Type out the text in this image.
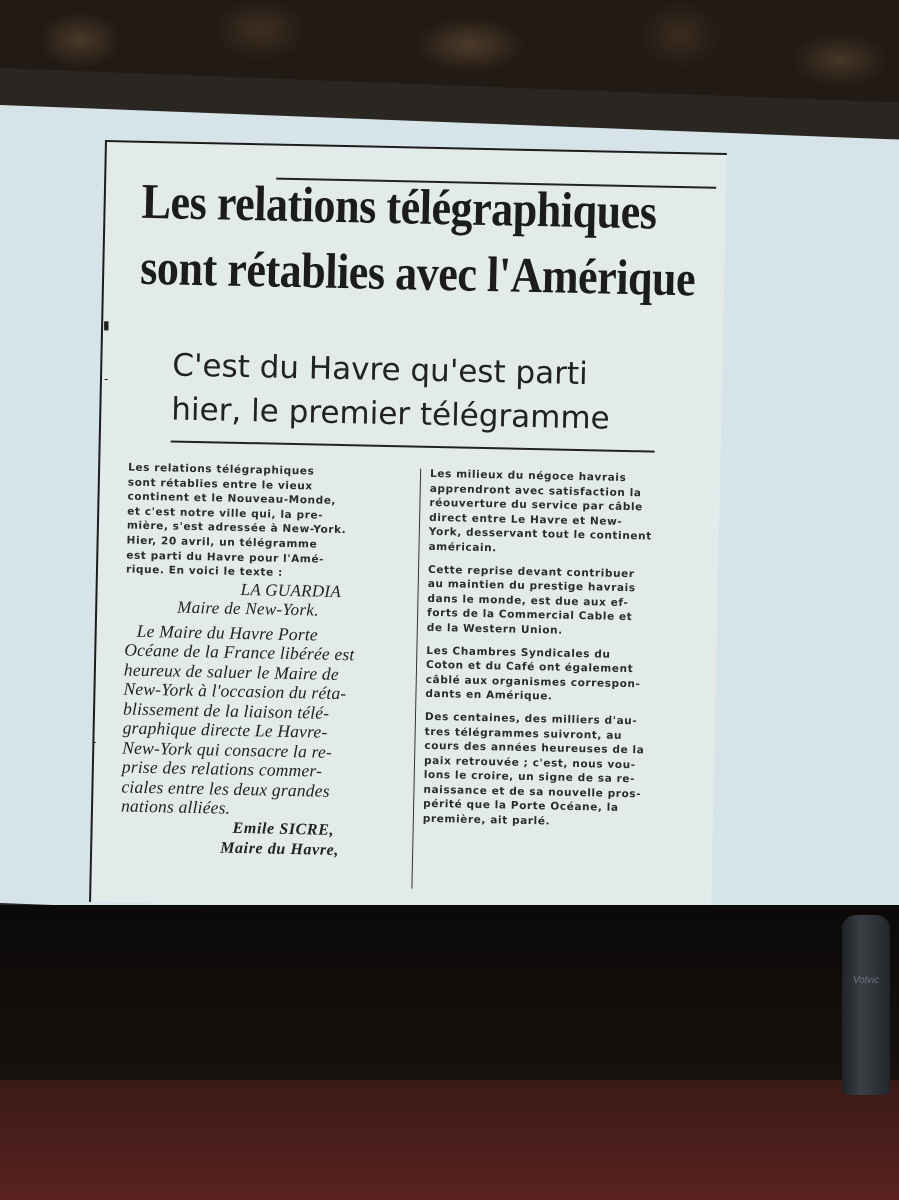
Les relations télégraphiques
sont rétablies avec l'Amérique
C'est du Havre qu'est parti
hier, le premier télégramme

Les relations télégraphiques

sont rétablies entre le vieux

continent et le Nouveau-Monde,

et c'est notre ville qui, la pre-

mière, s'est adressée à New-York.

Hier, 20 avril, un télégramme

est parti du Havre pour l'Amé-

rique. En voici le texte :

LA GUARDIA

Maire de New-York.

Le Maire du Havre Porte

Océane de la France libérée est

heureux de saluer le Maire de

New-York à l'occasion du réta-

blissement de la liaison télé-

graphique directe Le Havre-

New-York qui consacre la re-

prise des relations commer-

ciales entre les deux grandes

nations alliées.

Emile SICRE,

Maire du Havre,

Les milieux du négoce havrais

apprendront avec satisfaction la

réouverture du service par câble

direct entre Le Havre et New-

York, desservant tout le continent

américain.

Cette reprise devant contribuer

au maintien du prestige havrais

dans le monde, est due aux ef-

forts de la Commercial Cable et

de la Western Union.

Les Chambres Syndicales du

Coton et du Café ont également

câblé aux organismes correspon-

dants en Amérique.

Des centaines, des milliers d'au-

tres télégrammes suivront, au

cours des années heureuses de la

paix retrouvée ; c'est, nous vou-

lons le croire, un signe de sa re-

naissance et de sa nouvelle pros-

périté que la Porte Océane, la

première, ait parlé.

▮
-
-
Volvic
